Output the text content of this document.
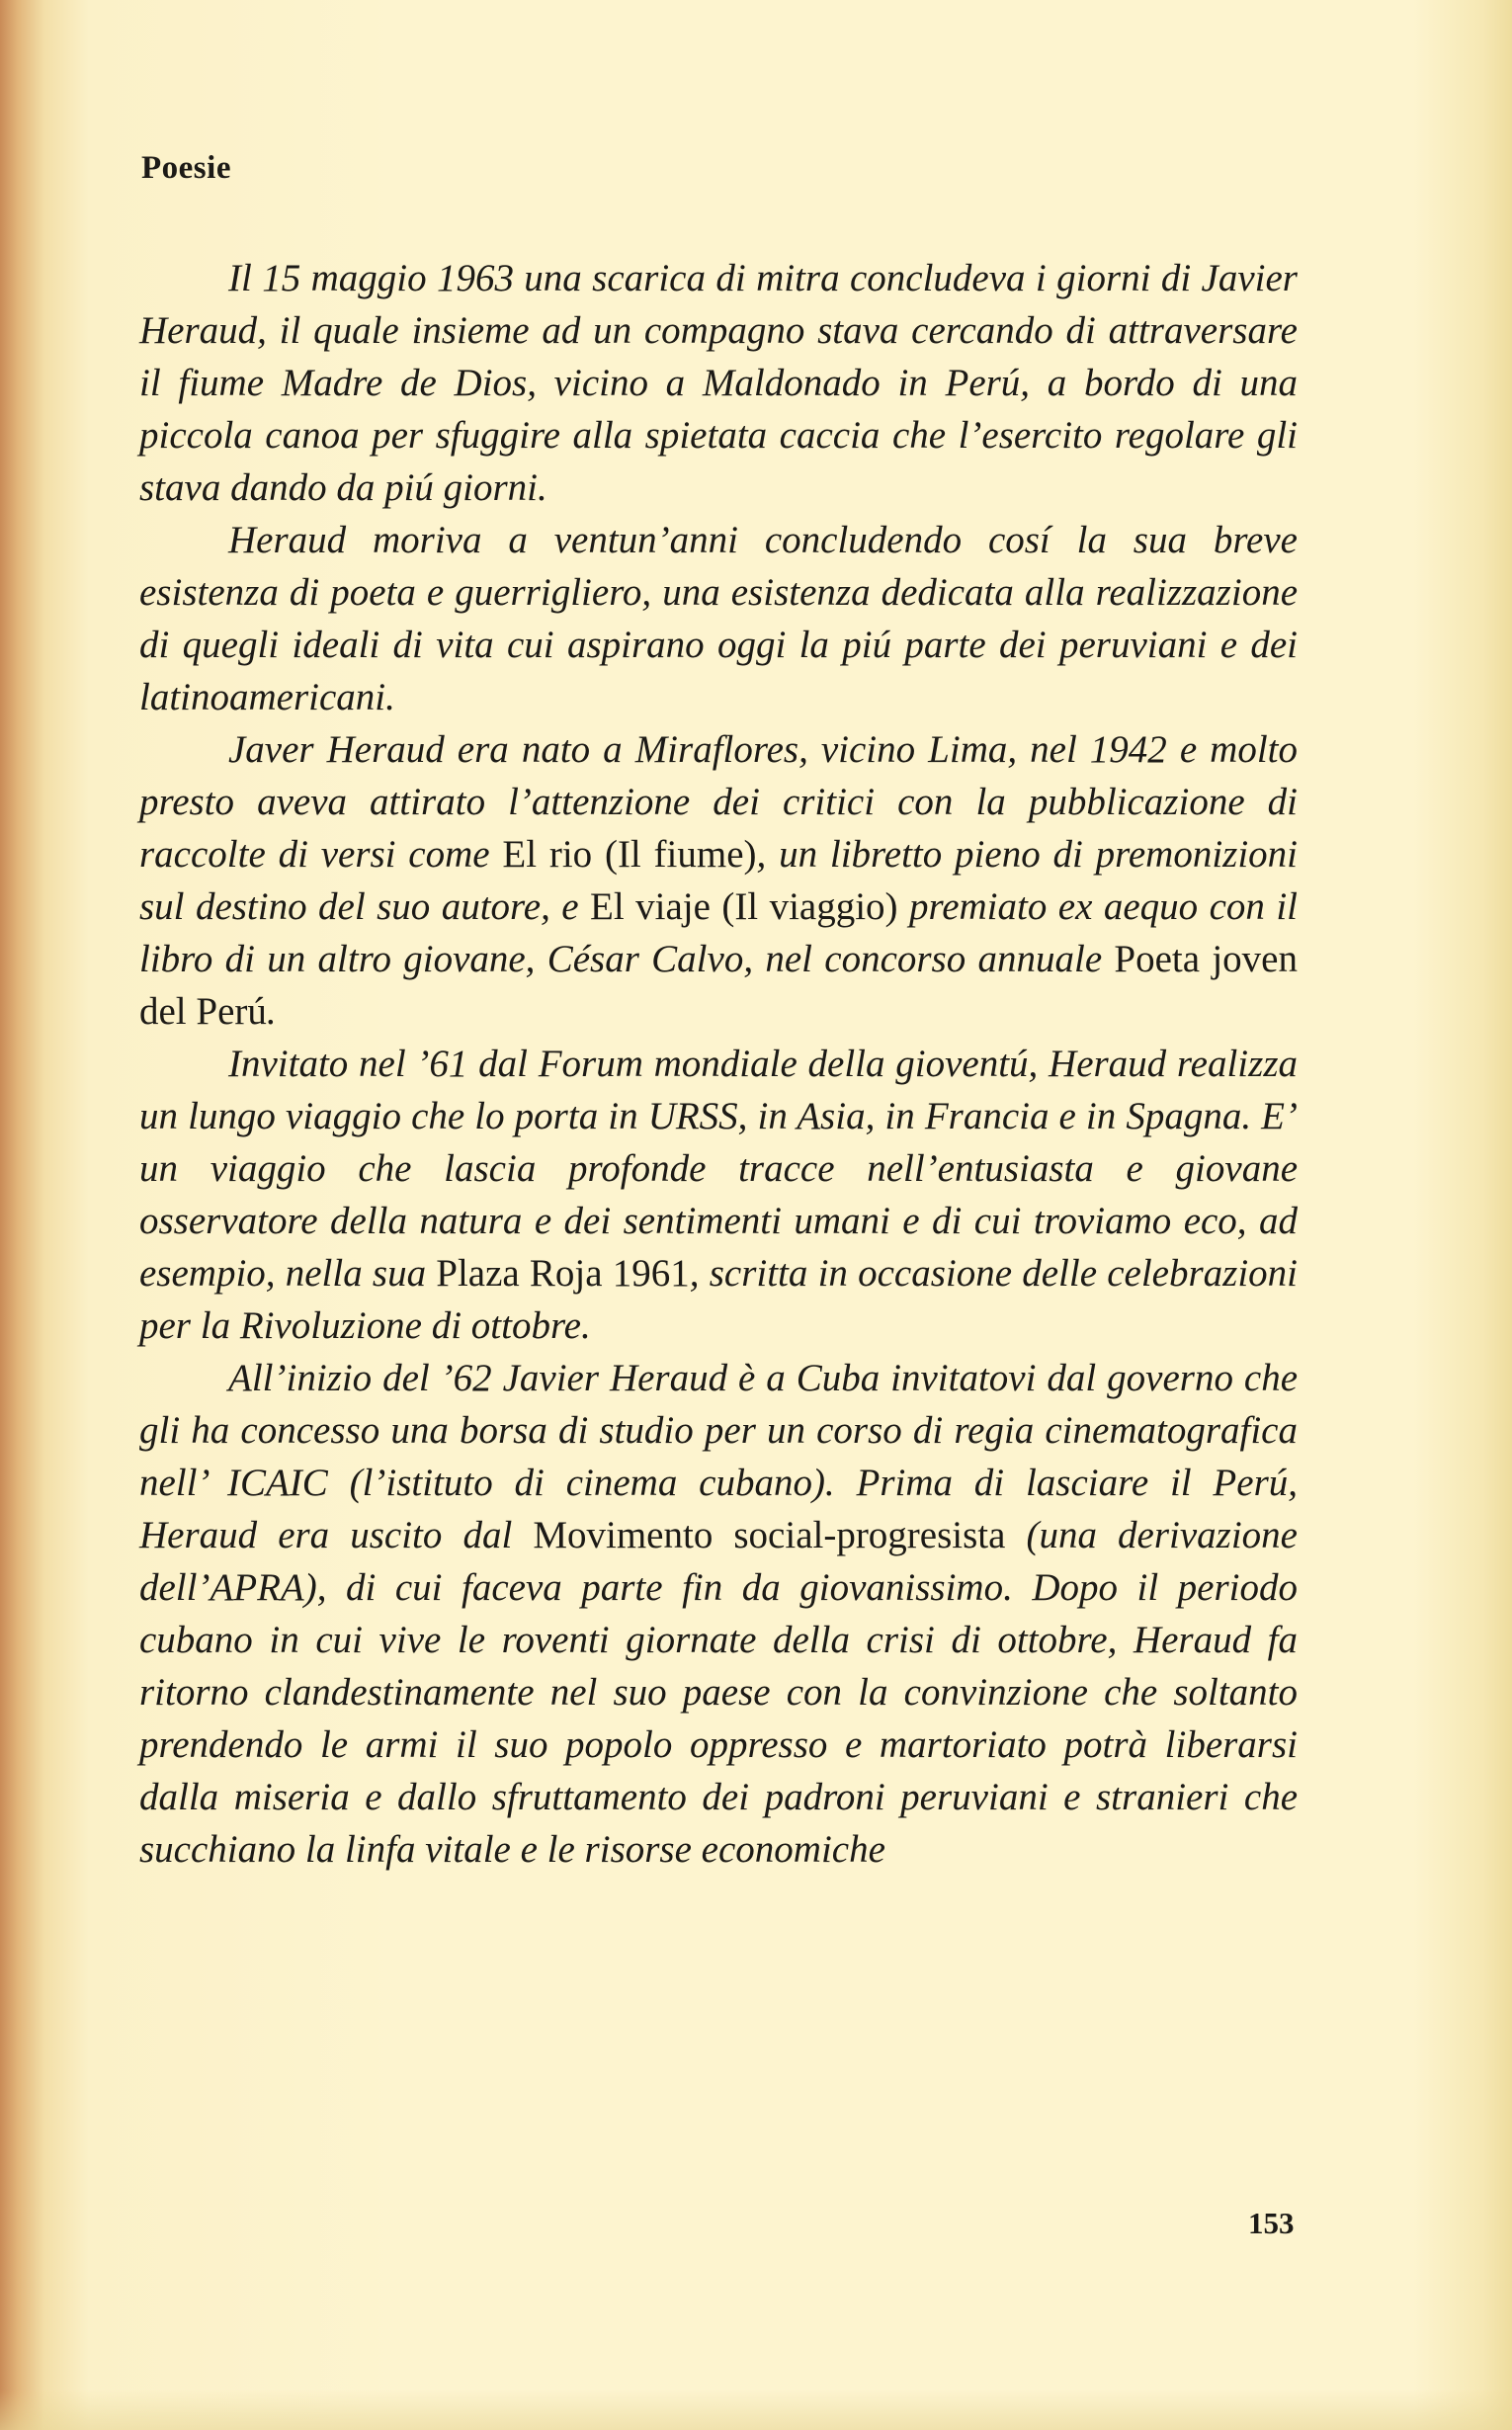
Poesie

Il 15 maggio 1963 una scarica di mitra concludeva i giorni di Javier Heraud, il quale insieme ad un compagno stava cercando di attraversare il fiume Madre de Dios, vicino a Maldonado in Perú, a bordo di una piccola canoa per sfuggire alla spietata caccia che l’esercito regolare gli stava dando da piú giorni.

Heraud moriva a ventun’anni concludendo cosí la sua breve esistenza di poeta e guerrigliero, una esistenza dedicata alla realizzazione di quegli ideali di vita cui aspirano oggi la piú parte dei peruviani e dei latinoamericani.

Javer Heraud era nato a Miraflores, vicino Lima, nel 1942 e molto presto aveva attirato l’attenzione dei critici con la pubblicazione di raccolte di versi come El rio (Il fiume), un libretto pieno di premonizioni sul destino del suo autore, e El viaje (Il viaggio) premiato ex aequo con il libro di un altro giovane, César Calvo, nel concorso annuale Poeta joven del Perú.

Invitato nel ’61 dal Forum mondiale della gioventú, Heraud realizza un lungo viaggio che lo porta in URSS, in Asia, in Francia e in Spagna. E’ un viaggio che lascia profonde tracce nell’entusiasta e giovane osservatore della natura e dei sentimenti umani e di cui troviamo eco, ad esempio, nella sua Plaza Roja 1961, scritta in occasione delle celebrazioni per la Rivoluzione di ottobre.

All’inizio del ’62 Javier Heraud è a Cuba invitatovi dal governo che gli ha concesso una borsa di studio per un corso di regia cinematografica nell’ ICAIC (l’istituto di cinema cubano). Prima di lasciare il Perú, Heraud era uscito dal Movimento social-progresista (una derivazione dell’APRA), di cui faceva parte fin da giovanissimo. Dopo il periodo cubano in cui vive le roventi giornate della crisi di ottobre, Heraud fa ritorno clandestinamente nel suo paese con la convinzione che soltanto prendendo le armi il suo popolo oppresso e martoriato potrà liberarsi dalla miseria e dallo sfruttamento dei padroni peruviani e stranieri che succhiano la linfa vitale e le risorse economiche

153
